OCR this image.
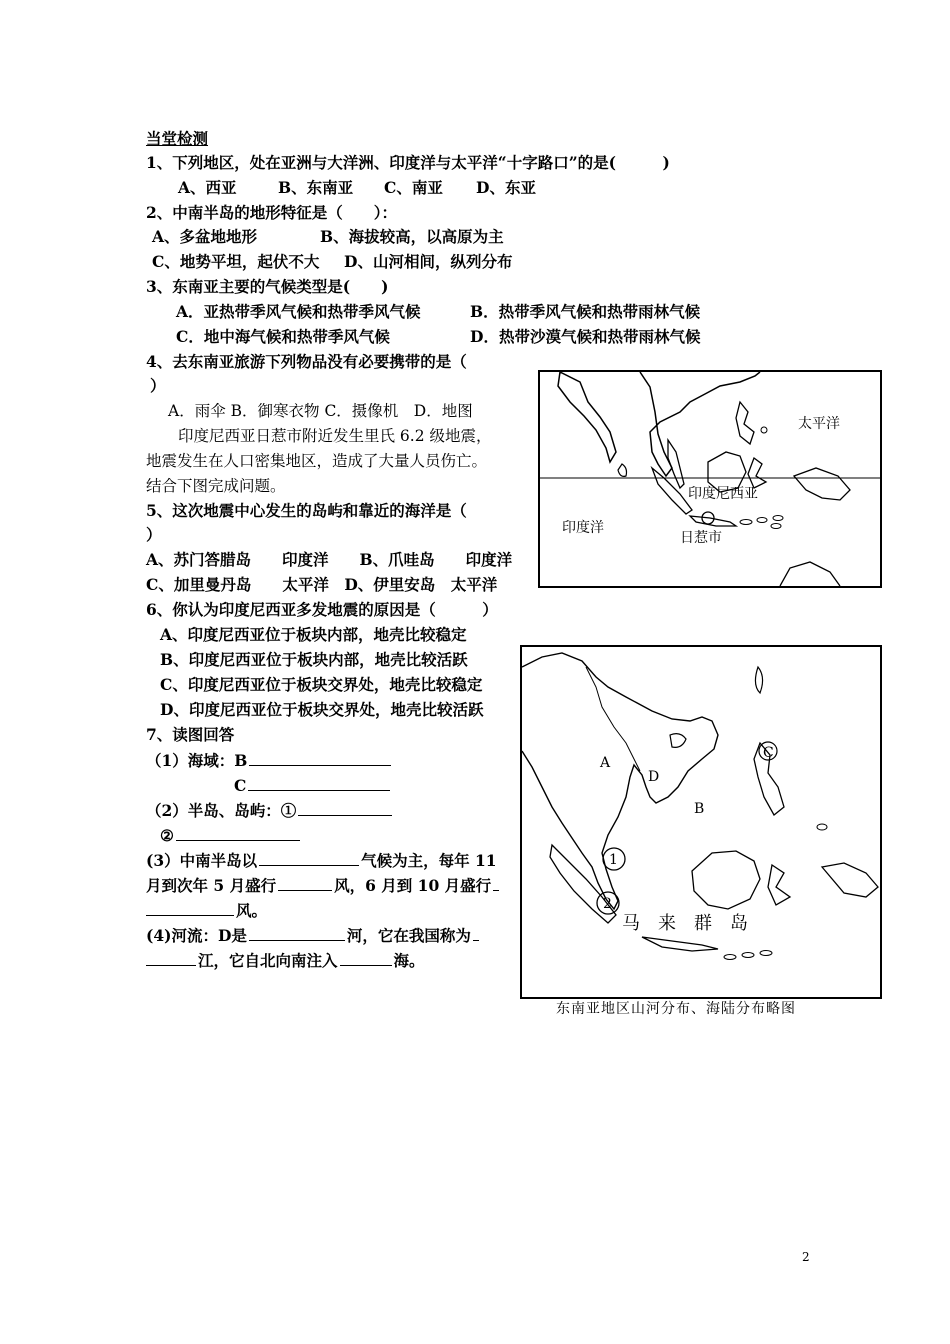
当堂检测
1、下列地区，处在亚洲与大洋洲、印度洋与太平洋“十字路口”的是(　　　)
A、西亚	B、东南亚 C、南亚 D、东亚
2、中南半岛的地形特征是（　　）：
A、多盆地地形	B、海拔较高，以高原为主
C、地势平坦，起伏不大 D、山河相间，纵列分布
3、东南亚主要的气候类型是(　　)
A．亚热带季风气候和热带季风气候	B．热带季风气候和热带雨林气候
C．地中海气候和热带季风气候	D．热带沙漠气候和热带雨林气候
4、去东南亚旅游下列物品没有必要携带的是（
）
A．雨伞 B．御寒衣物 C．摄像机　D．地图
印度尼西亚日惹市附近发生里氏 6.2 级地震，
地震发生在人口密集地区，造成了大量人员伤亡。
结合下图完成问题。
5、这次地震中心发生的岛屿和靠近的海洋是（
）
A、苏门答腊岛　　印度洋　　B、爪哇岛　　印度洋
C、加里曼丹岛　　太平洋　D、伊里安岛　太平洋
6、你认为印度尼西亚多发地震的原因是（　　　）
A、印度尼西亚位于板块内部，地壳比较稳定
B、印度尼西亚位于板块内部，地壳比较活跃
C、印度尼西亚位于板块交界处，地壳比较稳定
D、印度尼西亚位于板块交界处，地壳比较活跃
7、读图回答
（1）海域：B
C
（2）半岛、岛屿：①
②
(3）中南半岛以	气候为主，每年 11
月到次年 5 月盛行	风，6 月到 10 月盛行
风。
(4)河流：D是	河，它在我国称为
江，它自北向南注入	海。
太平洋
印度洋
印度尼西亚
日惹市
A
B
C
D
1
2
马　来　群　岛
东南亚地区山河分布、海陆分布略图
2
